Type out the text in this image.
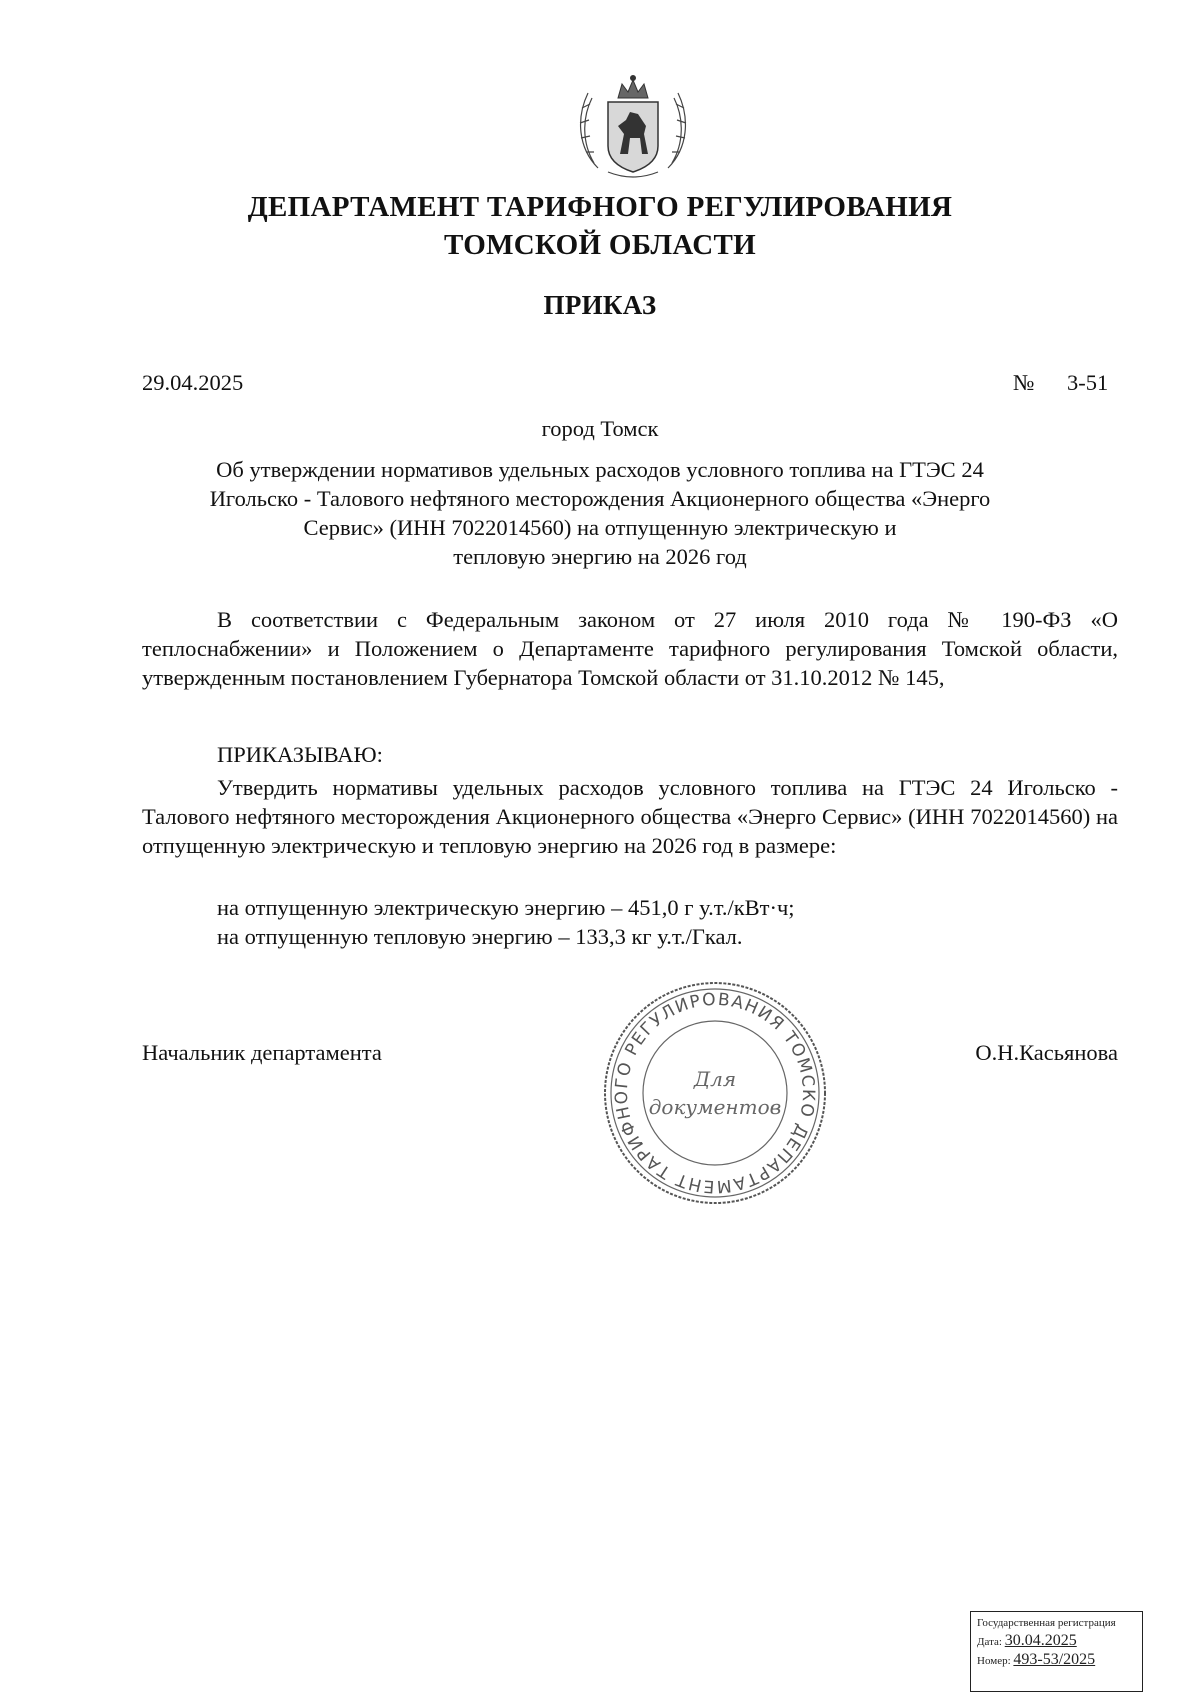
ДЕПАРТАМЕНТ ТАРИФНОГО РЕГУЛИРОВАНИЯ
ТОМСКОЙ ОБЛАСТИ
ПРИКАЗ
29.04.2025	№ 3-51
город Томск
Об утверждении нормативов удельных расходов условного топлива на ГТЭС 24
Игольско - Талового нефтяного месторождения Акционерного общества «Энерго
Сервис» (ИНН 7022014560) на отпущенную электрическую и
тепловую энергию на 2026 год
В соответствии с Федеральным законом от 27 июля 2010 года № 190-ФЗ «О теплоснабжении» и Положением о Департаменте тарифного регулирования Томской области, утвержденным постановлением Губернатора Томской области от 31.10.2012 № 145,
ПРИКАЗЫВАЮ:
Утвердить нормативы удельных расходов условного топлива на ГТЭС 24 Игольско - Талового нефтяного месторождения Акционерного общества «Энерго Сервис» (ИНН 7022014560) на отпущенную электрическую и тепловую энергию на 2026 год в размере:
на отпущенную электрическую энергию – 451,0 г у.т./кВт·ч;
на отпущенную тепловую энергию – 133,3 кг у.т./Гкал.
Начальник департамента	О.Н.Касьянова
ДЕПАРТАМЕНТ ТАРИФНОГО РЕГУЛИРОВАНИЯ ТОМСКОЙ
Для
документов
Государственная регистрация
Дата: 30.04.2025
Номер: 493-53/2025
